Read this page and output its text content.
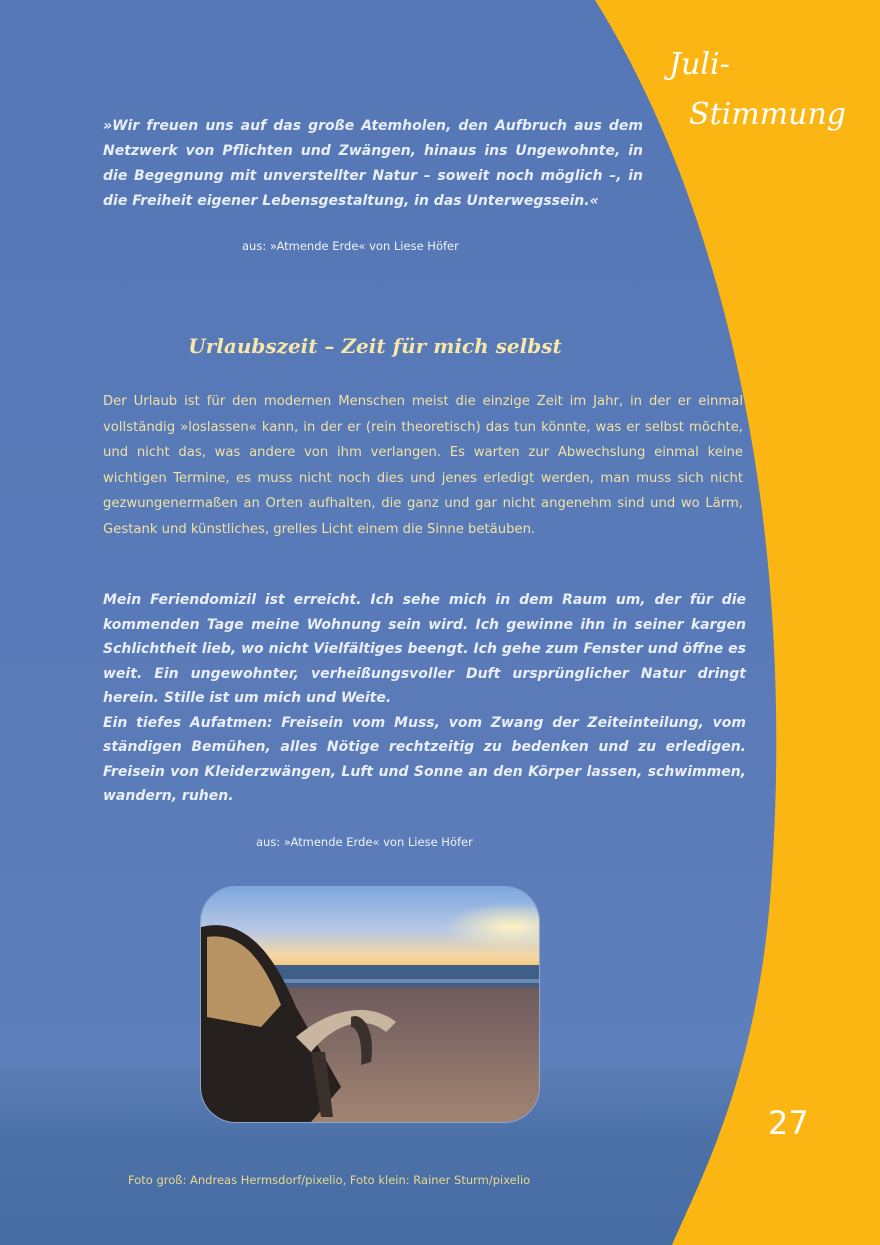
Juli-
Stimmung
»Wir freuen uns auf das große Atemholen, den Aufbruch aus dem Netzwerk von Pflichten und Zwängen, hinaus ins Ungewohnte, in die Begegnung mit unverstellter Natur – soweit noch möglich –, in die Freiheit eigener Lebensgestaltung, in das Unterwegssein.«
aus: »Atmende Erde« von Liese Höfer
Urlaubszeit – Zeit für mich selbst
Der Urlaub ist für den modernen Menschen meist die einzige Zeit im Jahr, in der er einmal vollständig »loslassen« kann, in der er (rein theoretisch) das tun könnte, was er selbst möchte, und nicht das, was andere von ihm verlangen. Es warten zur Abwechslung einmal keine wichtigen Termine, es muss nicht noch dies und jenes erledigt werden, man muss sich nicht gezwungenermaßen an Orten aufhalten, die ganz und gar nicht angenehm sind und wo Lärm, Gestank und künstliches, grelles Licht einem die Sinne betäuben.

Mein Feriendomizil ist erreicht. Ich sehe mich in dem Raum um, der für die kommenden Tage meine Wohnung sein wird. Ich gewinne ihn in seiner kargen Schlichtheit lieb, wo nicht Vielfältiges beengt. Ich gehe zum Fenster und öffne es weit. Ein ungewohnter, verheißungsvoller Duft ursprünglicher Natur dringt herein. Stille ist um mich und Weite.

Ein tiefes Aufatmen: Freisein vom Muss, vom Zwang der Zeiteinteilung, vom ständigen Bemühen, alles Nötige rechtzeitig zu bedenken und zu erledigen. Freisein von Kleiderzwängen, Luft und Sonne an den Körper lassen, schwimmen, wandern, ruhen.

aus: »Atmende Erde« von Liese Höfer
27
Foto groß: Andreas Hermsdorf/pixelio, Foto klein: Rainer Sturm/pixelio
